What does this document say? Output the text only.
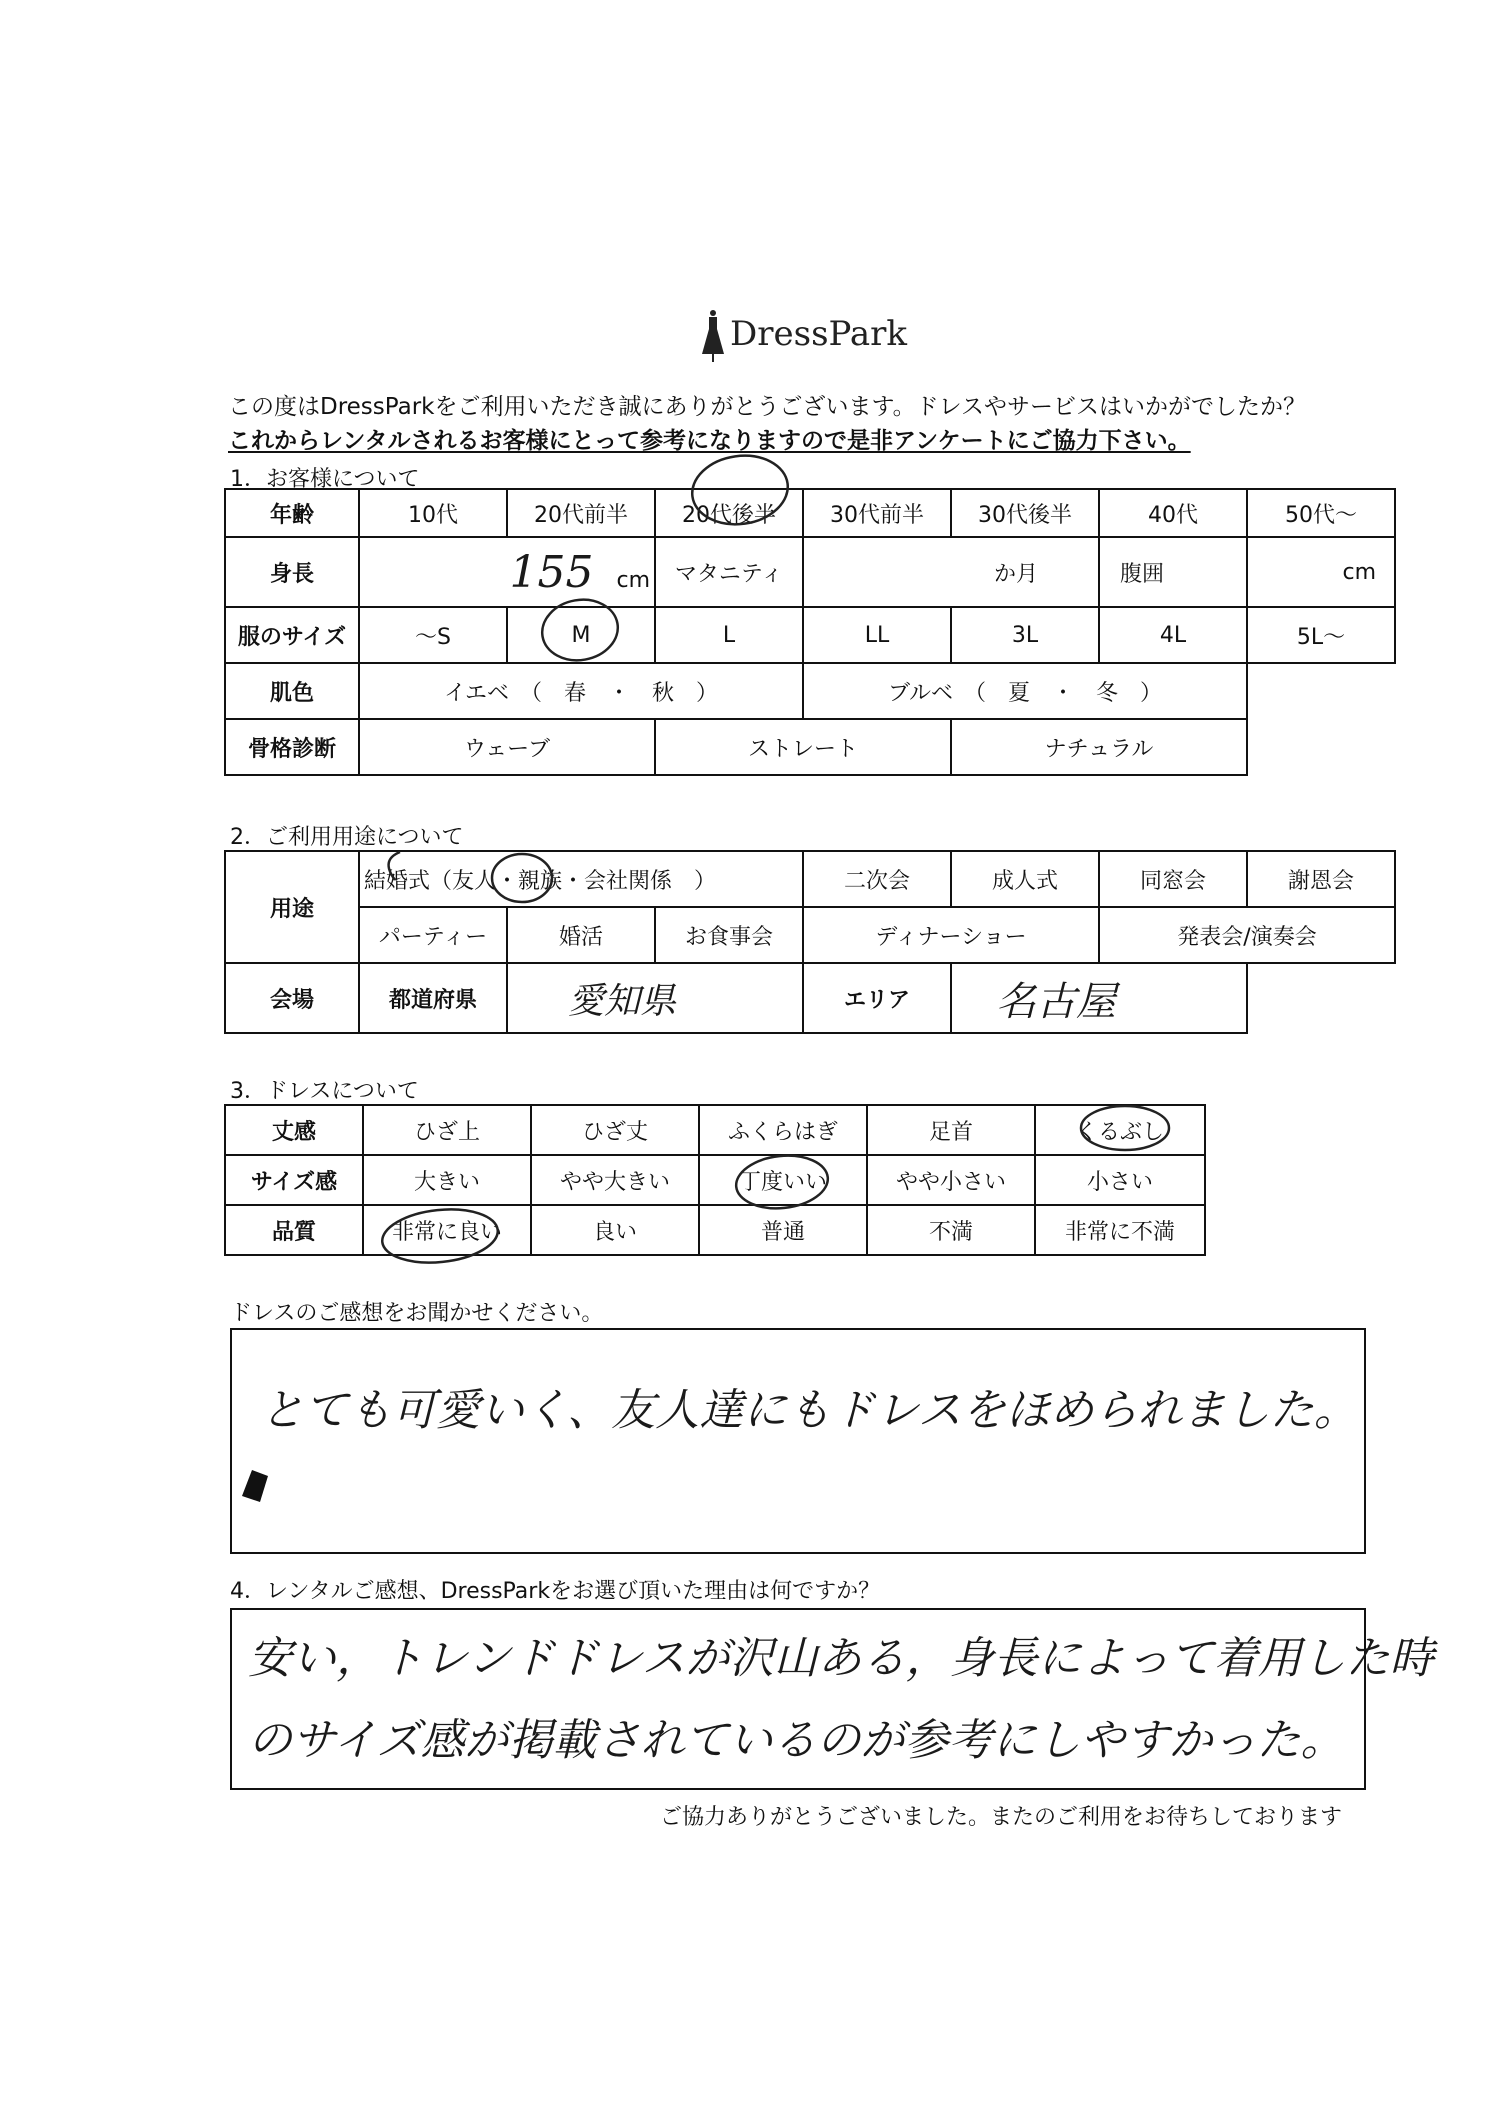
DressPark
この度はDressParkをご利用いただき誠にありがとうございます。ドレスやサービスはいかがでしたか？
これからレンタルされるお客様にとって参考になりますので是非アンケートにご協力下さい。
1．お客様について
年齢	10代	20代前半	20代後半	30代前半	30代後半	40代	50代～
身長	155 cm		マタニティ	か月		腹囲	cm
服のサイズ	～S	M	L	LL	3L	4L	5L～
肌色	イエベ　（　春　・　秋　）			ブルベ　（　夏　・　冬　）			
骨格診断	ウェーブ		ストレート		ナチュラル		
2．ご利用用途について
用途	結婚式（友人・親族・会社関係　）			二次会	成人式	同窓会	謝恩会
	パーティー	婚活	お食事会	ディナーショー		発表会/演奏会	
会場	都道府県	愛知県		エリア	名古屋		
3．ドレスについて
丈感	ひざ上	ひざ丈	ふくらはぎ	足首	くるぶし
サイズ感	大きい	やや大きい	丁度いい	やや小さい	小さい
品質	非常に良い	良い	普通	不満	非常に不満
ドレスのご感想をお聞かせください。
とても可愛いく、友人達にもドレスをほめられました。
4．レンタルご感想、DressParkをお選び頂いた理由は何ですか？
安い，トレンドドレスが沢山ある，身長によって着用した時
のサイズ感が掲載されているのが参考にしやすかった。
ご協力ありがとうございました。またのご利用をお待ちしております
